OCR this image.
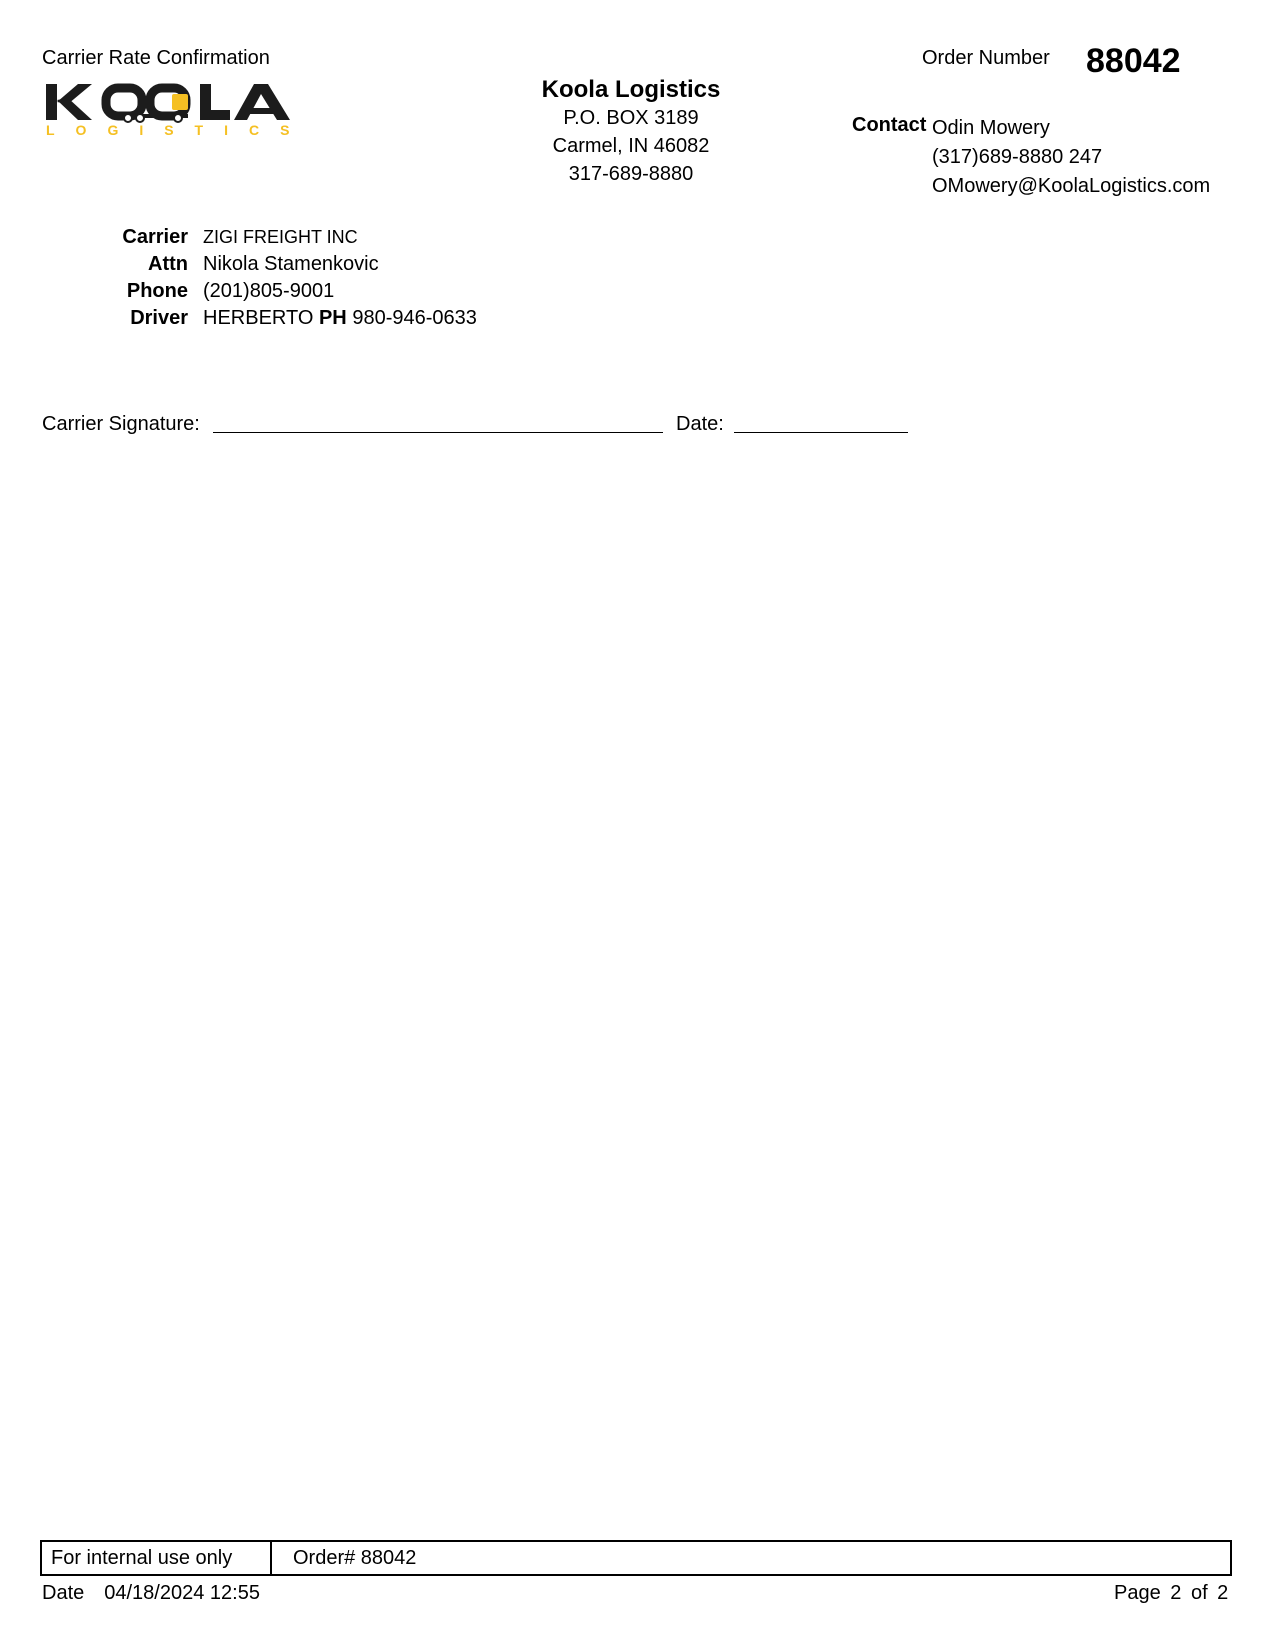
Carrier Rate Confirmation	Order Number 88042
LOGISTICS
Koola Logistics
P.O. BOX 3189
Carmel, IN 46082
317-689-8880
Contact Odin Mowery
(317)689-8880 247
OMowery@KoolaLogistics.com
Carrier ZIGI FREIGHT INC
Attn Nikola Stamenkovic
Phone (201)805-9001
Driver HERBERTO PH 980-946-0633
Carrier Signature:	Date:
For internal use only	Order# 88042
Date 04/18/2024 12:55	Page 2 of 2
